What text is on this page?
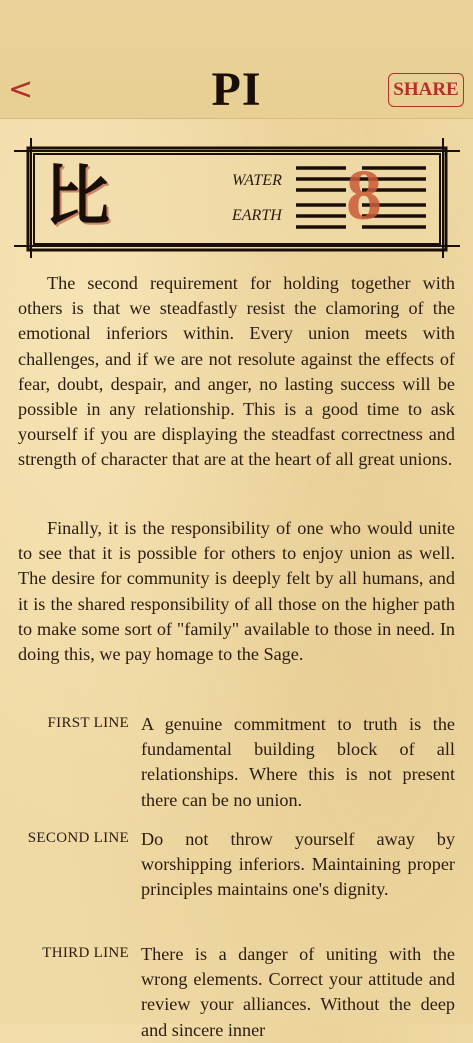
<	PI	SHARE
比	WATER
EARTH 8

The second requirement for holding together with others is that we steadfastly resist the clamoring of the emotional inferiors within. Every union meets with challenges, and if we are not resolute against the effects of fear, doubt, despair, and anger, no lasting success will be possible in any relationship. This is a good time to ask yourself if you are displaying the steadfast correctness and strength of character that are at the heart of all great unions.

Finally, it is the responsibility of one who would unite to see that it is possible for others to enjoy union as well. The desire for community is deeply felt by all humans, and it is the shared responsibility of all those on the higher path to make some sort of "family" available to those in need. In doing this, we pay homage to the Sage.

FIRST LINE A genuine commitment to truth is the fundamental building block of all relationships. Where this is not present there can be no union.
SECOND LINE Do not throw yourself away by worshipping inferiors. Maintaining proper principles maintains one's dignity.
THIRD LINE There is a danger of uniting with the wrong elements. Correct your attitude and review your alliances. Without the deep and sincere inner
